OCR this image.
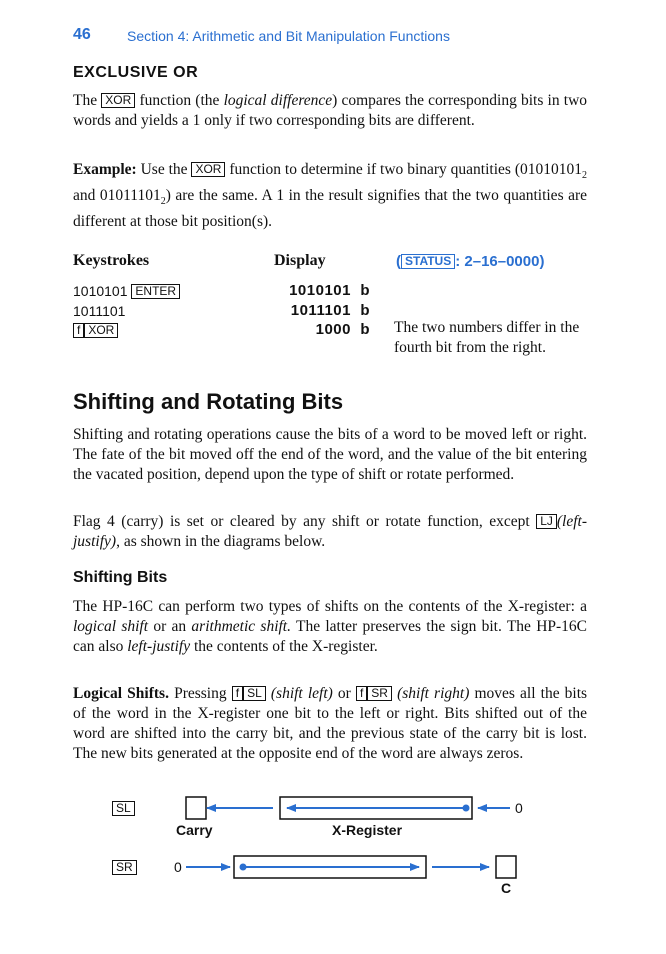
46	Section 4: Arithmetic and Bit Manipulation Functions
EXCLUSIVE OR
The XOR function (the logical difference) compares the corresponding bits in two words and yields a 1 only if two corresponding bits are different.
Example: Use the XOR function to determine if two binary quantities ($01010101_2$ and $01011101_2$) are the same. A 1 in the result signifies that the two quantities are different at those bit position(s).
Keystrokes	Display	( STATUS : 2–16–0000)
1010101 ENTER	1010101  b
1011101	1011101  b
f XOR	1000  b The two numbers differ in the fourth bit from the right.
Shifting and Rotating Bits
Shifting and rotating operations cause the bits of a word to be moved left or right. The fate of the bit moved off the end of the word, and the value of the bit entering the vacated position, depend upon the type of shift or rotate performed.
Flag 4 (carry) is set or cleared by any shift or rotate function, except LJ (left-justify), as shown in the diagrams below.
Shifting Bits
The HP-16C can perform two types of shifts on the contents of the X-register: a logical shift or an arithmetic shift. The latter preserves the sign bit. The HP-16C can also left-justify the contents of the X-register.
Logical Shifts. Pressing f SL (shift left) or f SR (shift right) moves all the bits of the word in the X-register one bit to the left or right. Bits shifted out of the word are shifted into the carry bit, and the previous state of the carry bit is lost. The new bits generated at the opposite end of the word are always zeros.
SL
SR
Carry	X-Register
0
0
C
